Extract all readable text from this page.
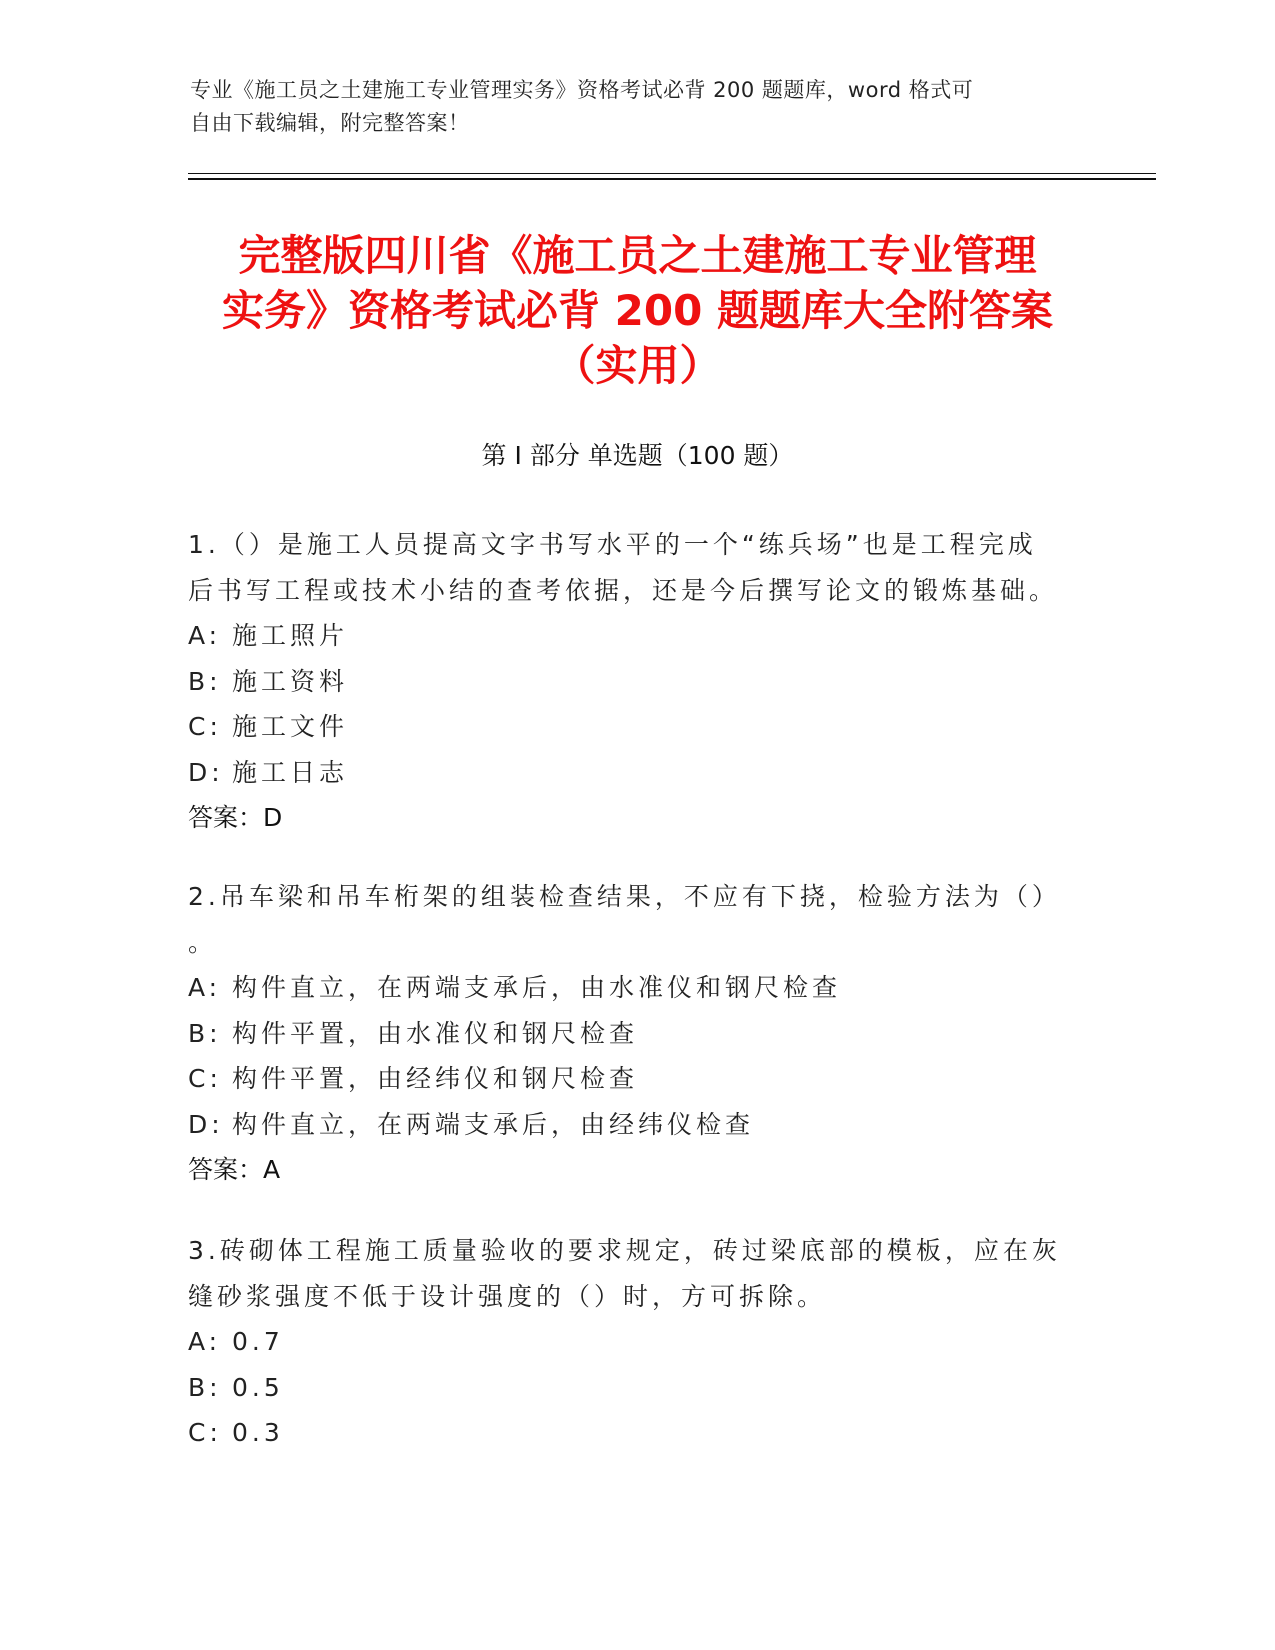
专业《施工员之土建施工专业管理实务》资格考试必背 200 题题库，word 格式可

自由下载编辑，附完整答案！

完整版四川省《施工员之土建施工专业管理

实务》资格考试必背 200 题题库大全附答案

（实用）

第 I 部分 单选题（100 题）

1.（）是施工人员提高文字书写水平的一个“练兵场”也是工程完成

后书写工程或技术小结的查考依据，还是今后撰写论文的锻炼基础。

A: 施工照片

B: 施工资料

C: 施工文件

D: 施工日志

答案：D

2.吊车梁和吊车桁架的组装检查结果，不应有下挠，检验方法为（）

。

A: 构件直立，在两端支承后，由水准仪和钢尺检查

B: 构件平置，由水准仪和钢尺检查

C: 构件平置，由经纬仪和钢尺检查

D: 构件直立，在两端支承后，由经纬仪检查

答案：A

3.砖砌体工程施工质量验收的要求规定，砖过梁底部的模板，应在灰

缝砂浆强度不低于设计强度的（）时，方可拆除。

A: 0.7

B: 0.5

C: 0.3
